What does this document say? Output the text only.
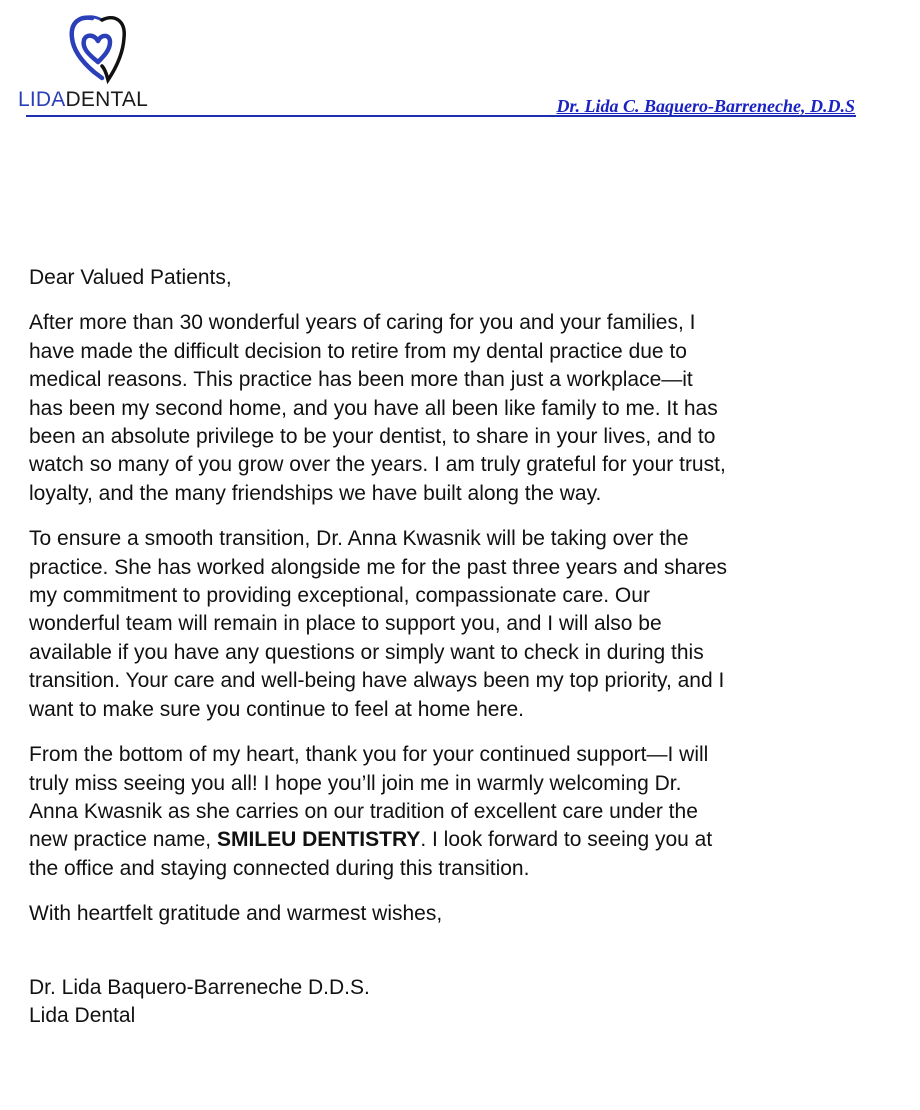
LIDADENTAL	Dr. Lida C. Baquero-Barreneche, D.D.S

Dear Valued Patients,

After more than 30 wonderful years of caring for you and your families, I
have made the difficult decision to retire from my dental practice due to
medical reasons. This practice has been more than just a workplace—it
has been my second home, and you have all been like family to me. It has
been an absolute privilege to be your dentist, to share in your lives, and to
watch so many of you grow over the years. I am truly grateful for your trust,
loyalty, and the many friendships we have built along the way.

To ensure a smooth transition, Dr. Anna Kwasnik will be taking over the
practice. She has worked alongside me for the past three years and shares
my commitment to providing exceptional, compassionate care. Our
wonderful team will remain in place to support you, and I will also be
available if you have any questions or simply want to check in during this
transition. Your care and well-being have always been my top priority, and I
want to make sure you continue to feel at home here.

From the bottom of my heart, thank you for your continued support—I will
truly miss seeing you all! I hope you’ll join me in warmly welcoming Dr.
Anna Kwasnik as she carries on our tradition of excellent care under the
new practice name, SMILEU DENTISTRY. I look forward to seeing you at
the office and staying connected during this transition.

With heartfelt gratitude and warmest wishes,

Dr. Lida Baquero-Barreneche D.D.S.
Lida Dental
